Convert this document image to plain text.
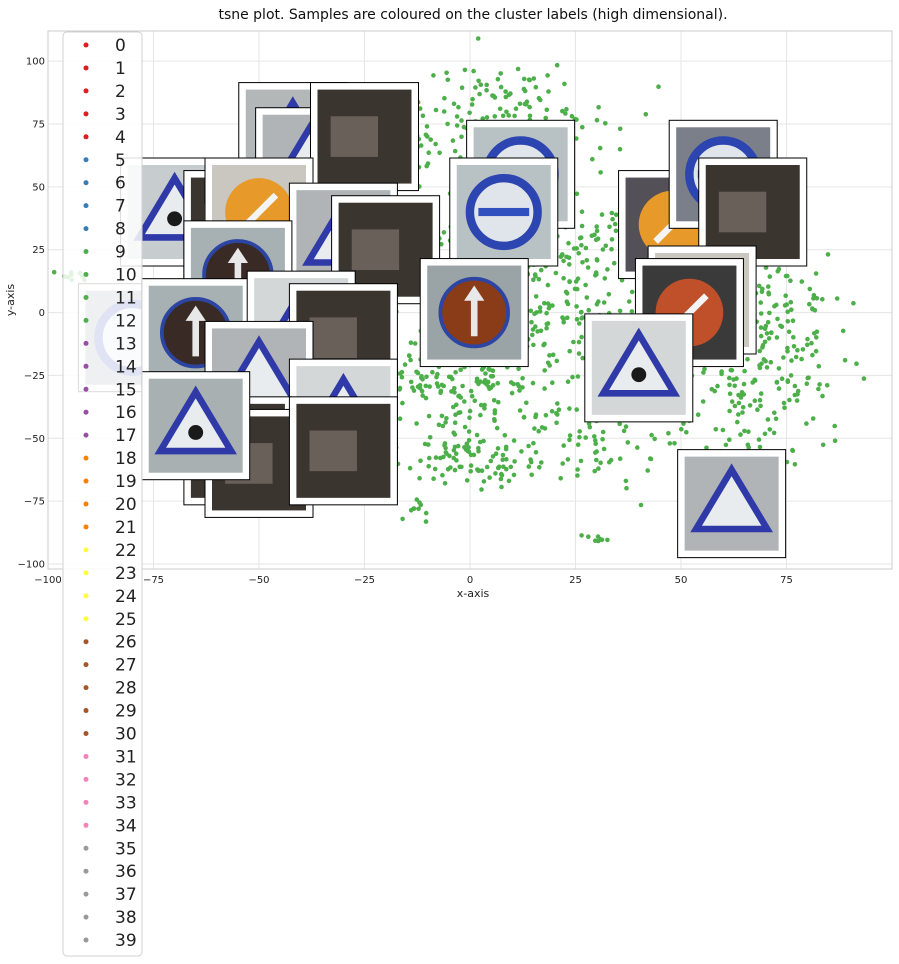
−100	−75	−50	−25	0	25	50	75
−100
−75
−50
−25
0
25
50
75
100
tsne plot. Samples are coloured on the cluster labels (high dimensional).
x-axis
y-axis
0
1
2
3
4
5
6
7
8
9
10
11
12
13
14
15
16
17
18
19
20
21
22
23
24
25
26
27
28
29
30
31
32
33
34
35
36
37
38
39
